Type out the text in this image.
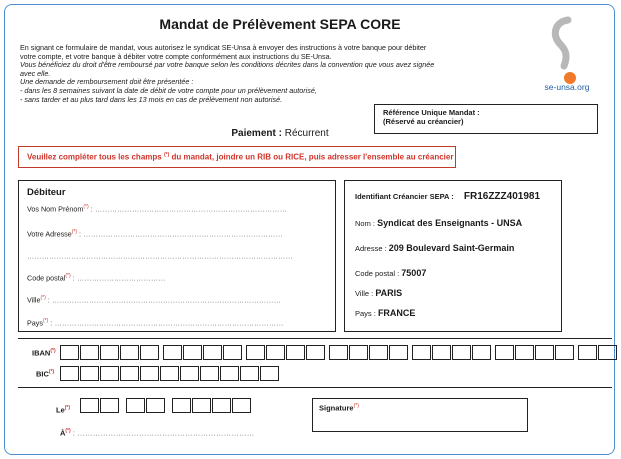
Mandat de Prélèvement SEPA CORE
En signant ce formulaire de mandat, vous autorisez le syndicat SE-Unsa à envoyer des instructions à votre banque pour débiter
votre compte, et votre banque à débiter votre compte conformément aux instructions du SE-Unsa.
Vous bénéficiez du droit d'être remboursé par votre banque selon les conditions décrites dans la convention que vous avez signée
avec elle.
Une demande de remboursement doit être présentée :
- dans les 8 semaines suivant la date de débit de votre compte pour un prélèvement autorisé,
- sans tarder et au plus tard dans les 13 mois en cas de prélèvement non autorisé.
se-unsa.org
Référence Unique Mandat :
(Réservé au créancier)
Paiement : Récurrent
Veuillez compléter tous les champs (*) du mandat, joindre un RIB ou RICE, puis adresser l'ensemble au créancier
Débiteur
Vos Nom Prénom(*) : ……………………………………………………………………
Votre Adresse(*) : ………………………………………………………………………
………………………………………………………………………………………………
Code postal(*) : ………………………………
Ville(*) : …………………………………………………………………………………
Pays(*) : …………………………………………………………………………………
Identifiant Créancier SEPA : FR16ZZZ401981
Nom : Syndicat des Enseignants - UNSA
Adresse : 209 Boulevard Saint-Germain
Code postal : 75007
Ville : PARIS
Pays : FRANCE
IBAN(*)
BIC(*)
Le(*)
À(*) : ……………………………………………………………
Signature(*)
